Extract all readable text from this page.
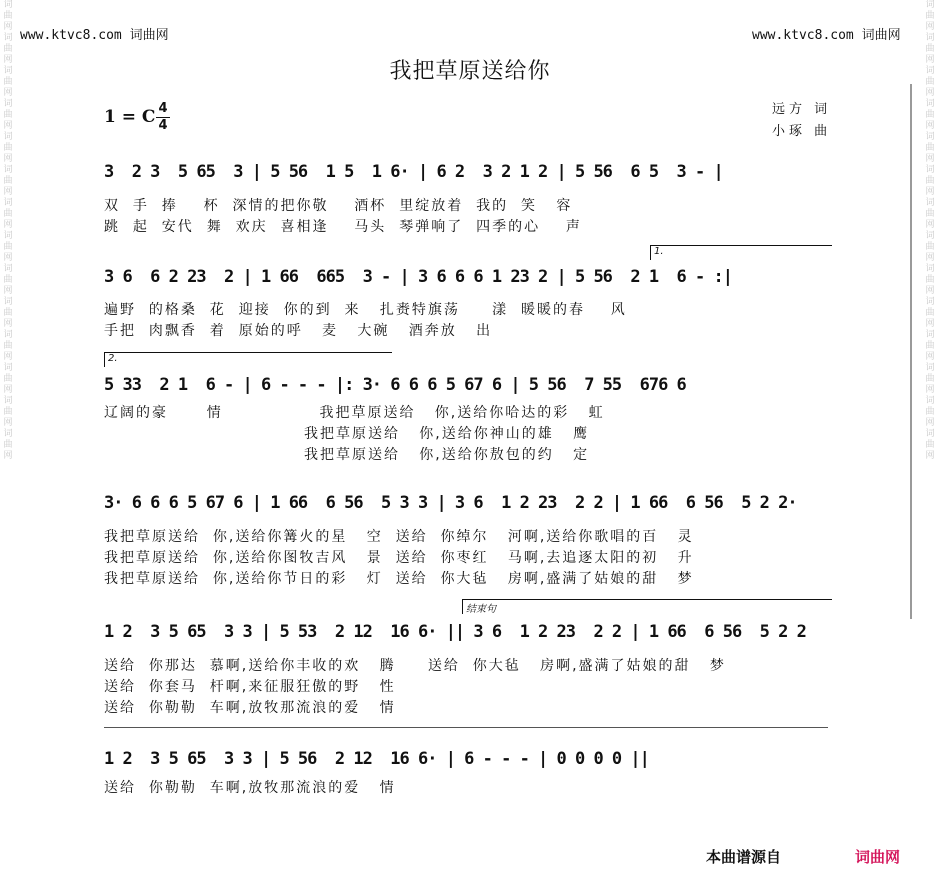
词曲网词曲网词曲网词曲网词曲网词曲网词曲网词曲网词曲网词曲网词曲网词曲网词曲网词曲网
词曲网词曲网词曲网词曲网词曲网词曲网词曲网词曲网词曲网词曲网词曲网词曲网词曲网词曲网
www.ktvc8.com 词曲网	www.ktvc8.com 词曲网
我把草原送给你
1 = C 4
4
远方 词
小琢 曲
3  2 3  5 65  3 | 5 56  1 5  1 6· | 6 2  3 2 1 2 | 5 56  6 5  3 - |
双  手  捧    杯  深情的把你敬    酒杯  里绽放着  我的  笑   容
跳  起  安代  舞  欢庆  喜相逢    马头  琴弹响了  四季的心    声
1.
3 6  6 2 23  2 | 1 66  665  3 - | 3 6 6 6 1 23 2 | 5 56  2 1  6 - :|
遍野  的格桑  花  迎接  你的到  来   扎赉特旗荡     漾  暖暖的春    风
手把  肉飘香  着  原始的呼   麦   大碗   酒奔放   出
2.
5 33  2 1  6 - | 6 - - - |: 3· 6 6 6 5 67 6 | 5 56  7 55  676 6
辽阔的豪      情               我把草原送给   你,送给你哈达的彩   虹
我把草原送给   你,送给你神山的雄   鹰
我把草原送给   你,送给你敖包的约   定
3· 6 6 6 5 67 6 | 1 66  6 56  5 3 3 | 3 6  1 2 23  2 2 | 1 66  6 56  5 2 2·
我把草原送给  你,送给你篝火的星   空  送给  你绰尔   河啊,送给你歌唱的百   灵
我把草原送给  你,送给你图牧吉风   景  送给  你枣红   马啊,去追逐太阳的初   升
我把草原送给  你,送给你节日的彩   灯  送给  你大毡   房啊,盛满了姑娘的甜   梦
结束句
1 2  3 5 65  3 3 | 5 53  2 12  16 6· || 3 6  1 2 23  2 2 | 1 66  6 56  5 2 2
送给  你那达  慕啊,送给你丰收的欢   腾     送给  你大毡   房啊,盛满了姑娘的甜   梦
送给  你套马  杆啊,来征服狂傲的野   性
送给  你勒勒  车啊,放牧那流浪的爱   情
1 2  3 5 65  3 3 | 5 56  2 12  16 6· | 6 - - - | 0 0 0 0 ||
送给  你勒勒  车啊,放牧那流浪的爱   情
本曲谱源自	词曲网
